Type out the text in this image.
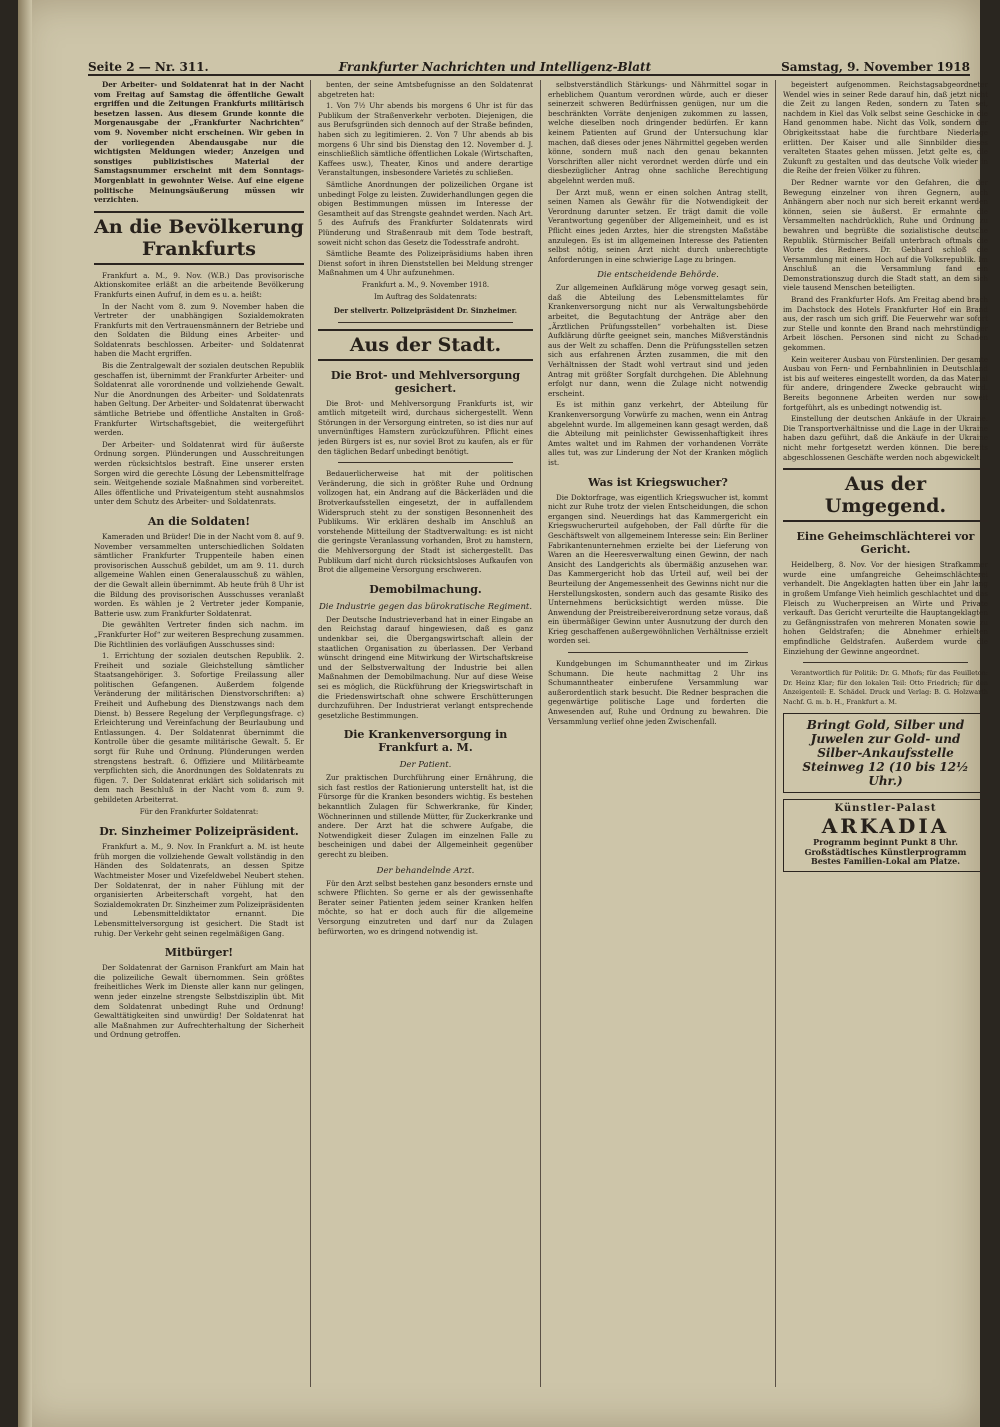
Seite 2 — Nr. 311.	Frankfurter Nachrichten und Intelligenz-Blatt	Samstag, 9. November 1918

Der Arbeiter- und Soldatenrat hat in der Nacht vom Freitag auf Samstag die öffentliche Gewalt ergriffen und die Zeitungen Frankfurts militärisch besetzen lassen. Aus diesem Grunde konnte die Morgenausgabe der „Frankfurter Nachrichten“ vom 9. November nicht erscheinen. Wir geben in der vorliegenden Abendausgabe nur die wichtigsten Meldungen wieder; Anzeigen und sonstiges publizistisches Material der Samstagsnummer erscheint mit dem Sonntags-Morgenblatt in gewohnter Weise. Auf eine eigene politische Meinungsäußerung müssen wir verzichten.

An die Bevölkerung Frankfurts

Frankfurt a. M., 9. Nov. (W.B.) Das provisorische Aktionskomitee erläßt an die arbeitende Bevölkerung Frankfurts einen Aufruf, in dem es u. a. heißt:

In der Nacht vom 8. zum 9. November haben die Vertreter der unabhängigen Sozialdemokraten Frankfurts mit den Vertrauensmännern der Betriebe und den Soldaten die Bildung eines Arbeiter- und Soldatenrats beschlossen. Arbeiter- und Soldatenrat haben die Macht ergriffen.

Bis die Zentralgewalt der sozialen deutschen Republik geschaffen ist, übernimmt der Frankfurter Arbeiter- und Soldatenrat alle vorordnende und vollziehende Gewalt. Nur die Anordnungen des Arbeiter- und Soldatenrats haben Geltung. Der Arbeiter- und Soldatenrat überwacht sämtliche Betriebe und öffentliche Anstalten in Groß-Frankfurter Wirtschaftsgebiet, die weitergeführt werden.

Der Arbeiter- und Soldatenrat wird für äußerste Ordnung sorgen. Plünderungen und Ausschreitungen werden rücksichtslos bestraft. Eine unserer ersten Sorgen wird die gerechte Lösung der Lebensmittelfrage sein. Weitgehende soziale Maßnahmen sind vorbereitet. Alles öffentliche und Privateigentum steht ausnahmslos unter dem Schutz des Arbeiter- und Soldatenrats.

An die Soldaten!

Kameraden und Brüder! Die in der Nacht vom 8. auf 9. November versammelten unterschiedlichen Soldaten sämtlicher Frankfurter Truppenteile haben einen provisorischen Ausschuß gebildet, um am 9. 11. durch allgemeine Wahlen einen Generalausschuß zu wählen, der die Gewalt allein übernimmt. Ab heute früh 8 Uhr ist die Bildung des provisorischen Ausschusses veranlaßt worden. Es wählen je 2 Vertreter jeder Kompanie, Batterie usw. zum Frankfurter Soldatenrat.

Die gewählten Vertreter finden sich nachm. im „Frankfurter Hof“ zur weiteren Besprechung zusammen. Die Richtlinien des vorläufigen Ausschusses sind:

1. Errichtung der sozialen deutschen Republik. 2. Freiheit und soziale Gleichstellung sämtlicher Staatsangehöriger. 3. Sofortige Freilassung aller politischen Gefangenen. Außerdem folgende Veränderung der militärischen Dienstvorschriften: a) Freiheit und Aufhebung des Dienstzwangs nach dem Dienst. b) Bessere Regelung der Verpflegungsfrage. c) Erleichterung und Vereinfachung der Beurlaubung und Entlassungen. 4. Der Soldatenrat übernimmt die Kontrolle über die gesamte militärische Gewalt. 5. Er sorgt für Ruhe und Ordnung. Plünderungen werden strengstens bestraft. 6. Offiziere und Militärbeamte verpflichten sich, die Anordnungen des Soldatenrats zu fügen. 7. Der Soldatenrat erklärt sich solidarisch mit dem nach Beschluß in der Nacht vom 8. zum 9. gebildeten Arbeiterrat.

Für den Frankfurter Soldatenrat:
Dr. Sinzheimer Polizeipräsident.

Frankfurt a. M., 9. Nov. In Frankfurt a. M. ist heute früh morgen die vollziehende Gewalt vollständig in den Händen des Soldatenrats, an dessen Spitze Wachtmeister Moser und Vizefeldwebel Neubert stehen. Der Soldatenrat, der in naher Fühlung mit der organisierten Arbeiterschaft vorgeht, hat den Sozialdemokraten Dr. Sinzheimer zum Polizeipräsidenten und Lebensmitteldiktator ernannt. Die Lebensmittelversorgung ist gesichert. Die Stadt ist ruhig. Der Verkehr geht seinen regelmäßigen Gang.

Mitbürger!

Der Soldatenrat der Garnison Frankfurt am Main hat die polizeiliche Gewalt übernommen. Sein größtes freiheitliches Werk im Dienste aller kann nur gelingen, wenn jeder einzelne strengste Selbstdisziplin übt. Mit dem Soldatenrat unbedingt Ruhe und Ordnung! Gewalttätigkeiten sind unwürdig! Der Soldatenrat hat alle Maßnahmen zur Aufrechterhaltung der Sicherheit und Ordnung getroffen.

benten, der seine Amtsbefugnisse an den Soldatenrat abgetreten hat:

1. Von 7½ Uhr abends bis morgens 6 Uhr ist für das Publikum der Straßenverkehr verboten. Diejenigen, die aus Berufsgründen sich dennoch auf der Straße befinden, haben sich zu legitimieren. 2. Von 7 Uhr abends ab bis morgens 6 Uhr sind bis Dienstag den 12. November d. J. einschließlich sämtliche öffentlichen Lokale (Wirtschaften, Kaffees usw.), Theater, Kinos und andere derartige Veranstaltungen, insbesondere Varietés zu schließen.

Sämtliche Anordnungen der polizeilichen Organe ist unbedingt Folge zu leisten. Zuwiderhandlungen gegen die obigen Bestimmungen müssen im Interesse der Gesamtheit auf das Strengste geahndet werden. Nach Art. 5 des Aufrufs des Frankfurter Soldatenrats wird Plünderung und Straßenraub mit dem Tode bestraft, soweit nicht schon das Gesetz die Todesstrafe androht.

Sämtliche Beamte des Polizeipräsidiums haben ihren Dienst sofort in ihren Dienststellen bei Meldung strenger Maßnahmen um 4 Uhr aufzunehmen.

Frankfurt a. M., 9. November 1918.
Im Auftrag des Soldatenrats:
Der stellvertr. Polizeipräsident Dr. Sinzheimer.
Aus der Stadt.
Die Brot- und Mehlversorgung gesichert.

Die Brot- und Mehlversorgung Frankfurts ist, wir amtlich mitgeteilt wird, durchaus sichergestellt. Wenn Störungen in der Versorgung eintreten, so ist dies nur auf unvernünftiges Hamstern zurückzuführen. Pflicht eines jeden Bürgers ist es, nur soviel Brot zu kaufen, als er für den täglichen Bedarf unbedingt benötigt.

Bedauerlicherweise hat mit der politischen Veränderung, die sich in größter Ruhe und Ordnung vollzogen hat, ein Andrang auf die Bäckerläden und die Brotverkaufsstellen eingesetzt, der in auffallendem Widerspruch steht zu der sonstigen Besonnenheit des Publikums. Wir erklären deshalb im Anschluß an vorstehende Mitteilung der Stadtverwaltung: es ist nicht die geringste Veranlassung vorhanden, Brot zu hamstern, die Mehlversorgung der Stadt ist sichergestellt. Das Publikum darf nicht durch rücksichtsloses Aufkaufen von Brot die allgemeine Versorgung erschweren.

Demobilmachung.
Die Industrie gegen das bürokratische Regiment.

Der Deutsche Industrieverband hat in einer Eingabe an den Reichstag darauf hingewiesen, daß es ganz undenkbar sei, die Übergangswirtschaft allein der staatlichen Organisation zu überlassen. Der Verband wünscht dringend eine Mitwirkung der Wirtschaftskreise und der Selbstverwaltung der Industrie bei allen Maßnahmen der Demobilmachung. Nur auf diese Weise sei es möglich, die Rückführung der Kriegswirtschaft in die Friedenswirtschaft ohne schwere Erschütterungen durchzuführen. Der Industrierat verlangt entsprechende gesetzliche Bestimmungen.

Die Krankenversorgung in Frankfurt a. M.
Der Patient.

Zur praktischen Durchführung einer Ernährung, die sich fast restlos der Rationierung unterstellt hat, ist die Fürsorge für die Kranken besonders wichtig. Es bestehen bekanntlich Zulagen für Schwerkranke, für Kinder, Wöchnerinnen und stillende Mütter, für Zuckerkranke und andere. Der Arzt hat die schwere Aufgabe, die Notwendigkeit dieser Zulagen im einzelnen Falle zu bescheinigen und dabei der Allgemeinheit gegenüber gerecht zu bleiben.

Der behandelnde Arzt.

Für den Arzt selbst bestehen ganz besonders ernste und schwere Pflichten. So gerne er als der gewissenhafte Berater seiner Patienten jedem seiner Kranken helfen möchte, so hat er doch auch für die allgemeine Versorgung einzutreten und darf nur da Zulagen befürworten, wo es dringend notwendig ist.

selbstverständlich Stärkungs- und Nährmittel sogar in erheblichem Quantum verordnen würde, auch er dieser seinerzeit schweren Bedürfnissen genügen, nur um die beschränkten Vorräte denjenigen zukommen zu lassen, welche dieselben noch dringender bedürfen. Er kann keinem Patienten auf Grund der Untersuchung klar machen, daß dieses oder jenes Nährmittel gegeben werden könne, sondern muß nach den genau bekannten Vorschriften aller nicht verordnet werden dürfe und ein diesbezüglicher Antrag ohne sachliche Berechtigung abgelehnt werden muß.

Der Arzt muß, wenn er einen solchen Antrag stellt, seinen Namen als Gewähr für die Notwendigkeit der Verordnung darunter setzen. Er trägt damit die volle Verantwortung gegenüber der Allgemeinheit, und es ist Pflicht eines jeden Arztes, hier die strengsten Maßstäbe anzulegen. Es ist im allgemeinen Interesse des Patienten selbst nötig, seinen Arzt nicht durch unberechtigte Anforderungen in eine schwierige Lage zu bringen.

Die entscheidende Behörde.

Zur allgemeinen Aufklärung möge vorweg gesagt sein, daß die Abteilung des Lebensmittelamtes für Krankenversorgung nicht nur als Verwaltungsbehörde arbeitet, die Begutachtung der Anträge aber den „Ärztlichen Prüfungsstellen“ vorbehalten ist. Diese Aufklärung dürfte geeignet sein, manches Mißverständnis aus der Welt zu schaffen. Denn die Prüfungsstellen setzen sich aus erfahrenen Ärzten zusammen, die mit den Verhältnissen der Stadt wohl vertraut sind und jeden Antrag mit größter Sorgfalt durchgehen. Die Ablehnung erfolgt nur dann, wenn die Zulage nicht notwendig erscheint.

Es ist mithin ganz verkehrt, der Abteilung für Krankenversorgung Vorwürfe zu machen, wenn ein Antrag abgelehnt wurde. Im allgemeinen kann gesagt werden, daß die Abteilung mit peinlichster Gewissenhaftigkeit ihres Amtes waltet und im Rahmen der vorhandenen Vorräte alles tut, was zur Linderung der Not der Kranken möglich ist.

Was ist Kriegswucher?

Die Doktorfrage, was eigentlich Kriegswucher ist, kommt nicht zur Ruhe trotz der vielen Entscheidungen, die schon ergangen sind. Neuerdings hat das Kammergericht ein Kriegswucherurteil aufgehoben, der Fall dürfte für die Geschäftswelt von allgemeinem Interesse sein: Ein Berliner Fabrikantenunternehmen erzielte bei der Lieferung von Waren an die Heeresverwaltung einen Gewinn, der nach Ansicht des Landgerichts als übermäßig anzusehen war. Das Kammergericht hob das Urteil auf, weil bei der Beurteilung der Angemessenheit des Gewinns nicht nur die Herstellungskosten, sondern auch das gesamte Risiko des Unternehmens berücksichtigt werden müsse. Die Anwendung der Preistreibereiverordnung setze voraus, daß ein übermäßiger Gewinn unter Ausnutzung der durch den Krieg geschaffenen außergewöhnlichen Verhältnisse erzielt worden sei.

Kundgebungen im Schumanntheater und im Zirkus Schumann. Die heute nachmittag 2 Uhr ins Schumanntheater einberufene Versammlung war außerordentlich stark besucht. Die Redner besprachen die gegenwärtige politische Lage und forderten die Anwesenden auf, Ruhe und Ordnung zu bewahren. Die Versammlung verlief ohne jeden Zwischenfall.

begeistert aufgenommen. Reichstagsabgeordneter Wendel wies in seiner Rede darauf hin, daß jetzt nicht die Zeit zu langen Reden, sondern zu Taten sei, nachdem in Kiel das Volk selbst seine Geschicke in die Hand genommen habe. Nicht das Volk, sondern der Obrigkeitsstaat habe die furchtbare Niederlage erlitten. Der Kaiser und alle Sinnbilder dieses veralteten Staates gehen müssen. Jetzt gelte es, die Zukunft zu gestalten und das deutsche Volk wieder in die Reihe der freien Völker zu führen.

Der Redner warnte vor den Gefahren, die der Bewegung einzelner von ihren Gegnern, auch Anhängern aber noch nur sich bereit erkannt werden können, seien sie äußerst. Er ermahnte die Versammelten nachdrücklich, Ruhe und Ordnung zu bewahren und begrüßte die sozialistische deutsche Republik. Stürmischer Beifall unterbrach oftmals die Worte des Redners. Dr. Gebhard schloß die Versammlung mit einem Hoch auf die Volksrepublik. Im Anschluß an die Versammlung fand ein Demonstrationszug durch die Stadt statt, an dem sich viele tausend Menschen beteiligten.

Brand des Frankfurter Hofs. Am Freitag abend brach im Dachstock des Hotels Frankfurter Hof ein Brand aus, der rasch um sich griff. Die Feuerwehr war sofort zur Stelle und konnte den Brand nach mehrstündiger Arbeit löschen. Personen sind nicht zu Schaden gekommen.

Kein weiterer Ausbau von Fürstenlinien. Der gesamte Ausbau von Fern- und Fernbahnlinien in Deutschland ist bis auf weiteres eingestellt worden, da das Material für andere, dringendere Zwecke gebraucht wird. Bereits begonnene Arbeiten werden nur soweit fortgeführt, als es unbedingt notwendig ist.

Einstellung der deutschen Ankäufe in der Ukraine. Die Transportverhältnisse und die Lage in der Ukraine haben dazu geführt, daß die Ankäufe in der Ukraine nicht mehr fortgesetzt werden können. Die bereits abgeschlossenen Geschäfte werden noch abgewickelt.

Aus der Umgegend.
Eine Geheimschlächterei vor Gericht.

Heidelberg, 8. Nov. Vor der hiesigen Strafkammer wurde eine umfangreiche Geheimschlächterei verhandelt. Die Angeklagten hatten über ein Jahr lang in großem Umfange Vieh heimlich geschlachtet und das Fleisch zu Wucherpreisen an Wirte und Private verkauft. Das Gericht verurteilte die Hauptangeklagten zu Gefängnisstrafen von mehreren Monaten sowie zu hohen Geldstrafen; die Abnehmer erhielten empfindliche Geldstrafen. Außerdem wurde die Einziehung der Gewinne angeordnet.

Verantwortlich für Politik: Dr. G. Mhofs; für das Feuilleton: Dr. Heinz Klar; für den lokalen Teil: Otto Friedrich; für den Anzeigenteil: E. Schädel. Druck und Verlag: B. G. Holzwarth Nachf. G. m. b. H., Frankfurt a. M.

Bringt Gold, Silber und Juwelen zur Gold- und Silber-Ankaufsstelle Steinweg 12 (10 bis 12½ Uhr.)
Künstler-Palast
ARKADIA
Programm beginnt Punkt 8 Uhr.
Großstädtisches Künstlerprogramm
Bestes Familien-Lokal am Platze.
